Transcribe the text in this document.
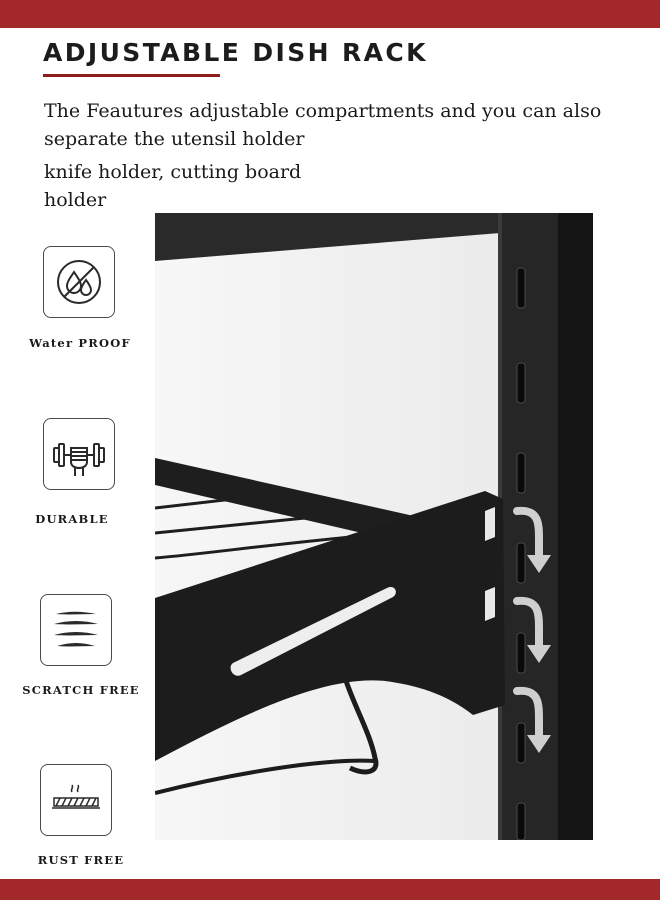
ADJUSTABLE DISH RACK

The Feautures adjustable compartments and you can also separate the utensil holder

knife holder, cutting board holder

Water PROOF
DURABLE
SCRATCH FREE
RUST FREE
